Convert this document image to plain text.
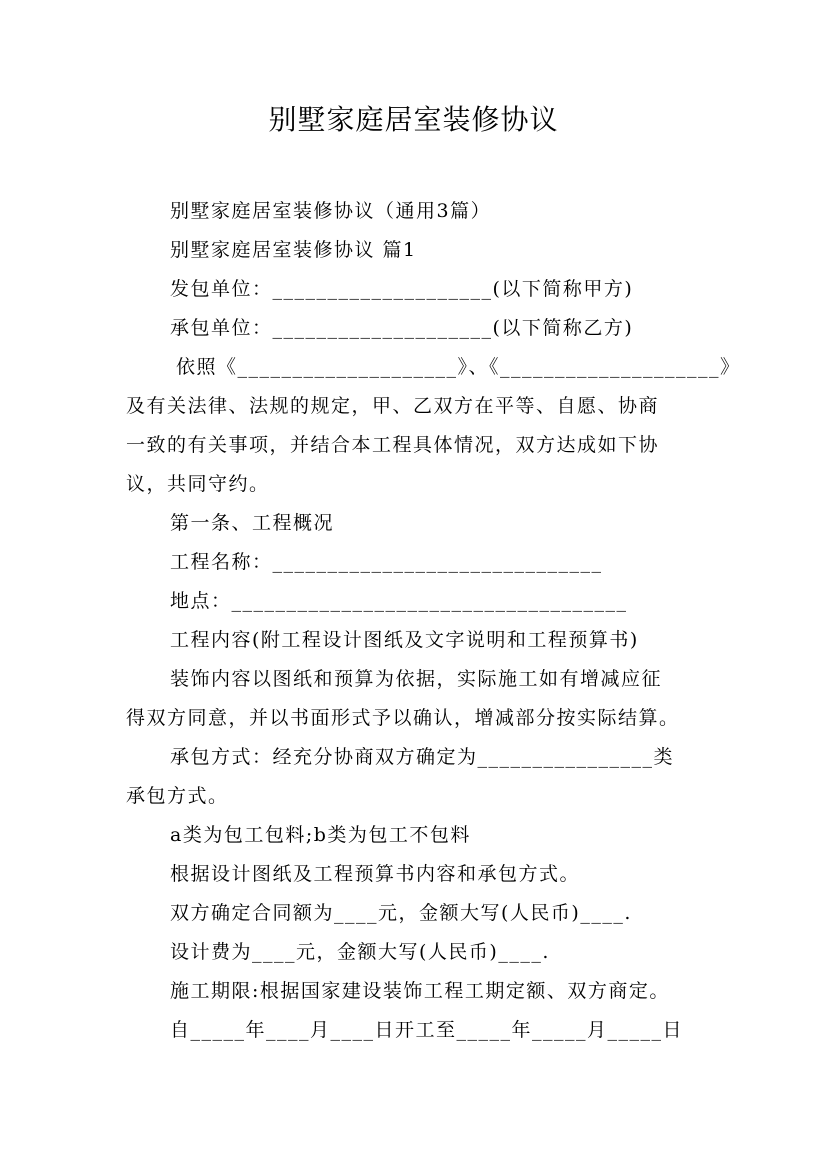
别墅家庭居室装修协议
别墅家庭居室装修协议（通用3篇）
别墅家庭居室装修协议 篇1
发包单位：____________________(以下简称甲方)
承包单位：____________________(以下简称乙方)
依照《____________________》、《____________________》
及有关法律、法规的规定，甲、乙双方在平等、自愿、协商
一致的有关事项，并结合本工程具体情况，双方达成如下协
议，共同守约。
第一条、工程概况
工程名称：______________________________
地点：____________________________________
工程内容(附工程设计图纸及文字说明和工程预算书)
装饰内容以图纸和预算为依据，实际施工如有增减应征
得双方同意，并以书面形式予以确认，增减部分按实际结算。
承包方式：经充分协商双方确定为________________类
承包方式。
a类为包工包料;b类为包工不包料
根据设计图纸及工程预算书内容和承包方式。
双方确定合同额为____元，金额大写(人民币)____.
设计费为____元，金额大写(人民币)____.
施工期限:根据国家建设装饰工程工期定额、双方商定。
自_____年____月____日开工至_____年_____月_____日
